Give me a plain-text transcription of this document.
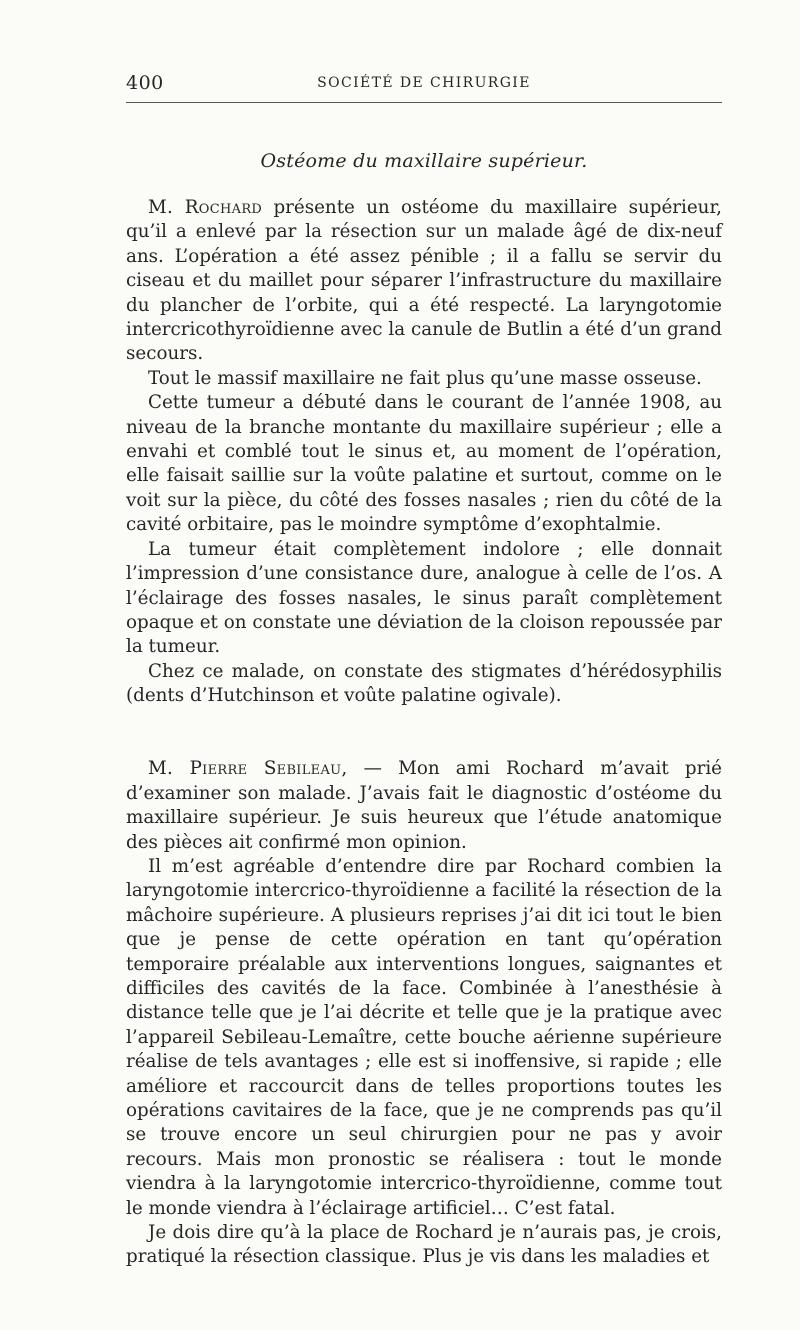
400	SOCIÉTÉ DE CHIRURGIE
Ostéome du maxillaire supérieur.

M. Rochard présente un ostéome du maxillaire supérieur, qu’il a enlevé par la résection sur un malade âgé de dix-neuf ans. L’opération a été assez pénible ; il a fallu se servir du ciseau et du maillet pour séparer l’infrastructure du maxillaire du plancher de l’orbite, qui a été respecté. La laryngotomie intercricothyroïdienne avec la canule de Butlin a été d’un grand secours.

Tout le massif maxillaire ne fait plus qu’une masse osseuse.

Cette tumeur a débuté dans le courant de l’année 1908, au niveau de la branche montante du maxillaire supérieur ; elle a envahi et comblé tout le sinus et, au moment de l’opération, elle faisait saillie sur la voûte palatine et surtout, comme on le voit sur la pièce, du côté des fosses nasales ; rien du côté de la cavité orbitaire, pas le moindre symptôme d’exophtalmie.

La tumeur était complètement indolore ; elle donnait l’impression d’une consistance dure, analogue à celle de l’os. A l’éclairage des fosses nasales, le sinus paraît complètement opaque et on constate une déviation de la cloison repoussée par la tumeur.

Chez ce malade, on constate des stigmates d’hérédosyphilis (dents d’Hutchinson et voûte palatine ogivale).

M. Pierre Sebileau, — Mon ami Rochard m’avait prié d’examiner son malade. J’avais fait le diagnostic d’ostéome du maxillaire supérieur. Je suis heureux que l’étude anatomique des pièces ait confirmé mon opinion.

Il m’est agréable d’entendre dire par Rochard combien la laryngotomie intercrico-thyroïdienne a facilité la résection de la mâchoire supérieure. A plusieurs reprises j’ai dit ici tout le bien que je pense de cette opération en tant qu’opération temporaire préalable aux interventions longues, saignantes et difficiles des cavités de la face. Combinée à l’anesthésie à distance telle que je l’ai décrite et telle que je la pratique avec l’appareil Sebileau-Lemaître, cette bouche aérienne supérieure réalise de tels avantages ; elle est si inoffensive, si rapide ; elle améliore et raccourcit dans de telles proportions toutes les opérations cavitaires de la face, que je ne comprends pas qu’il se trouve encore un seul chirurgien pour ne pas y avoir recours. Mais mon pronostic se réalisera : tout le monde viendra à la laryngotomie intercrico-thyroïdienne, comme tout le monde viendra à l’éclairage artificiel… C’est fatal.

Je dois dire qu’à la place de Rochard je n’aurais pas, je crois, pratiqué la résection classique. Plus je vis dans les maladies et
